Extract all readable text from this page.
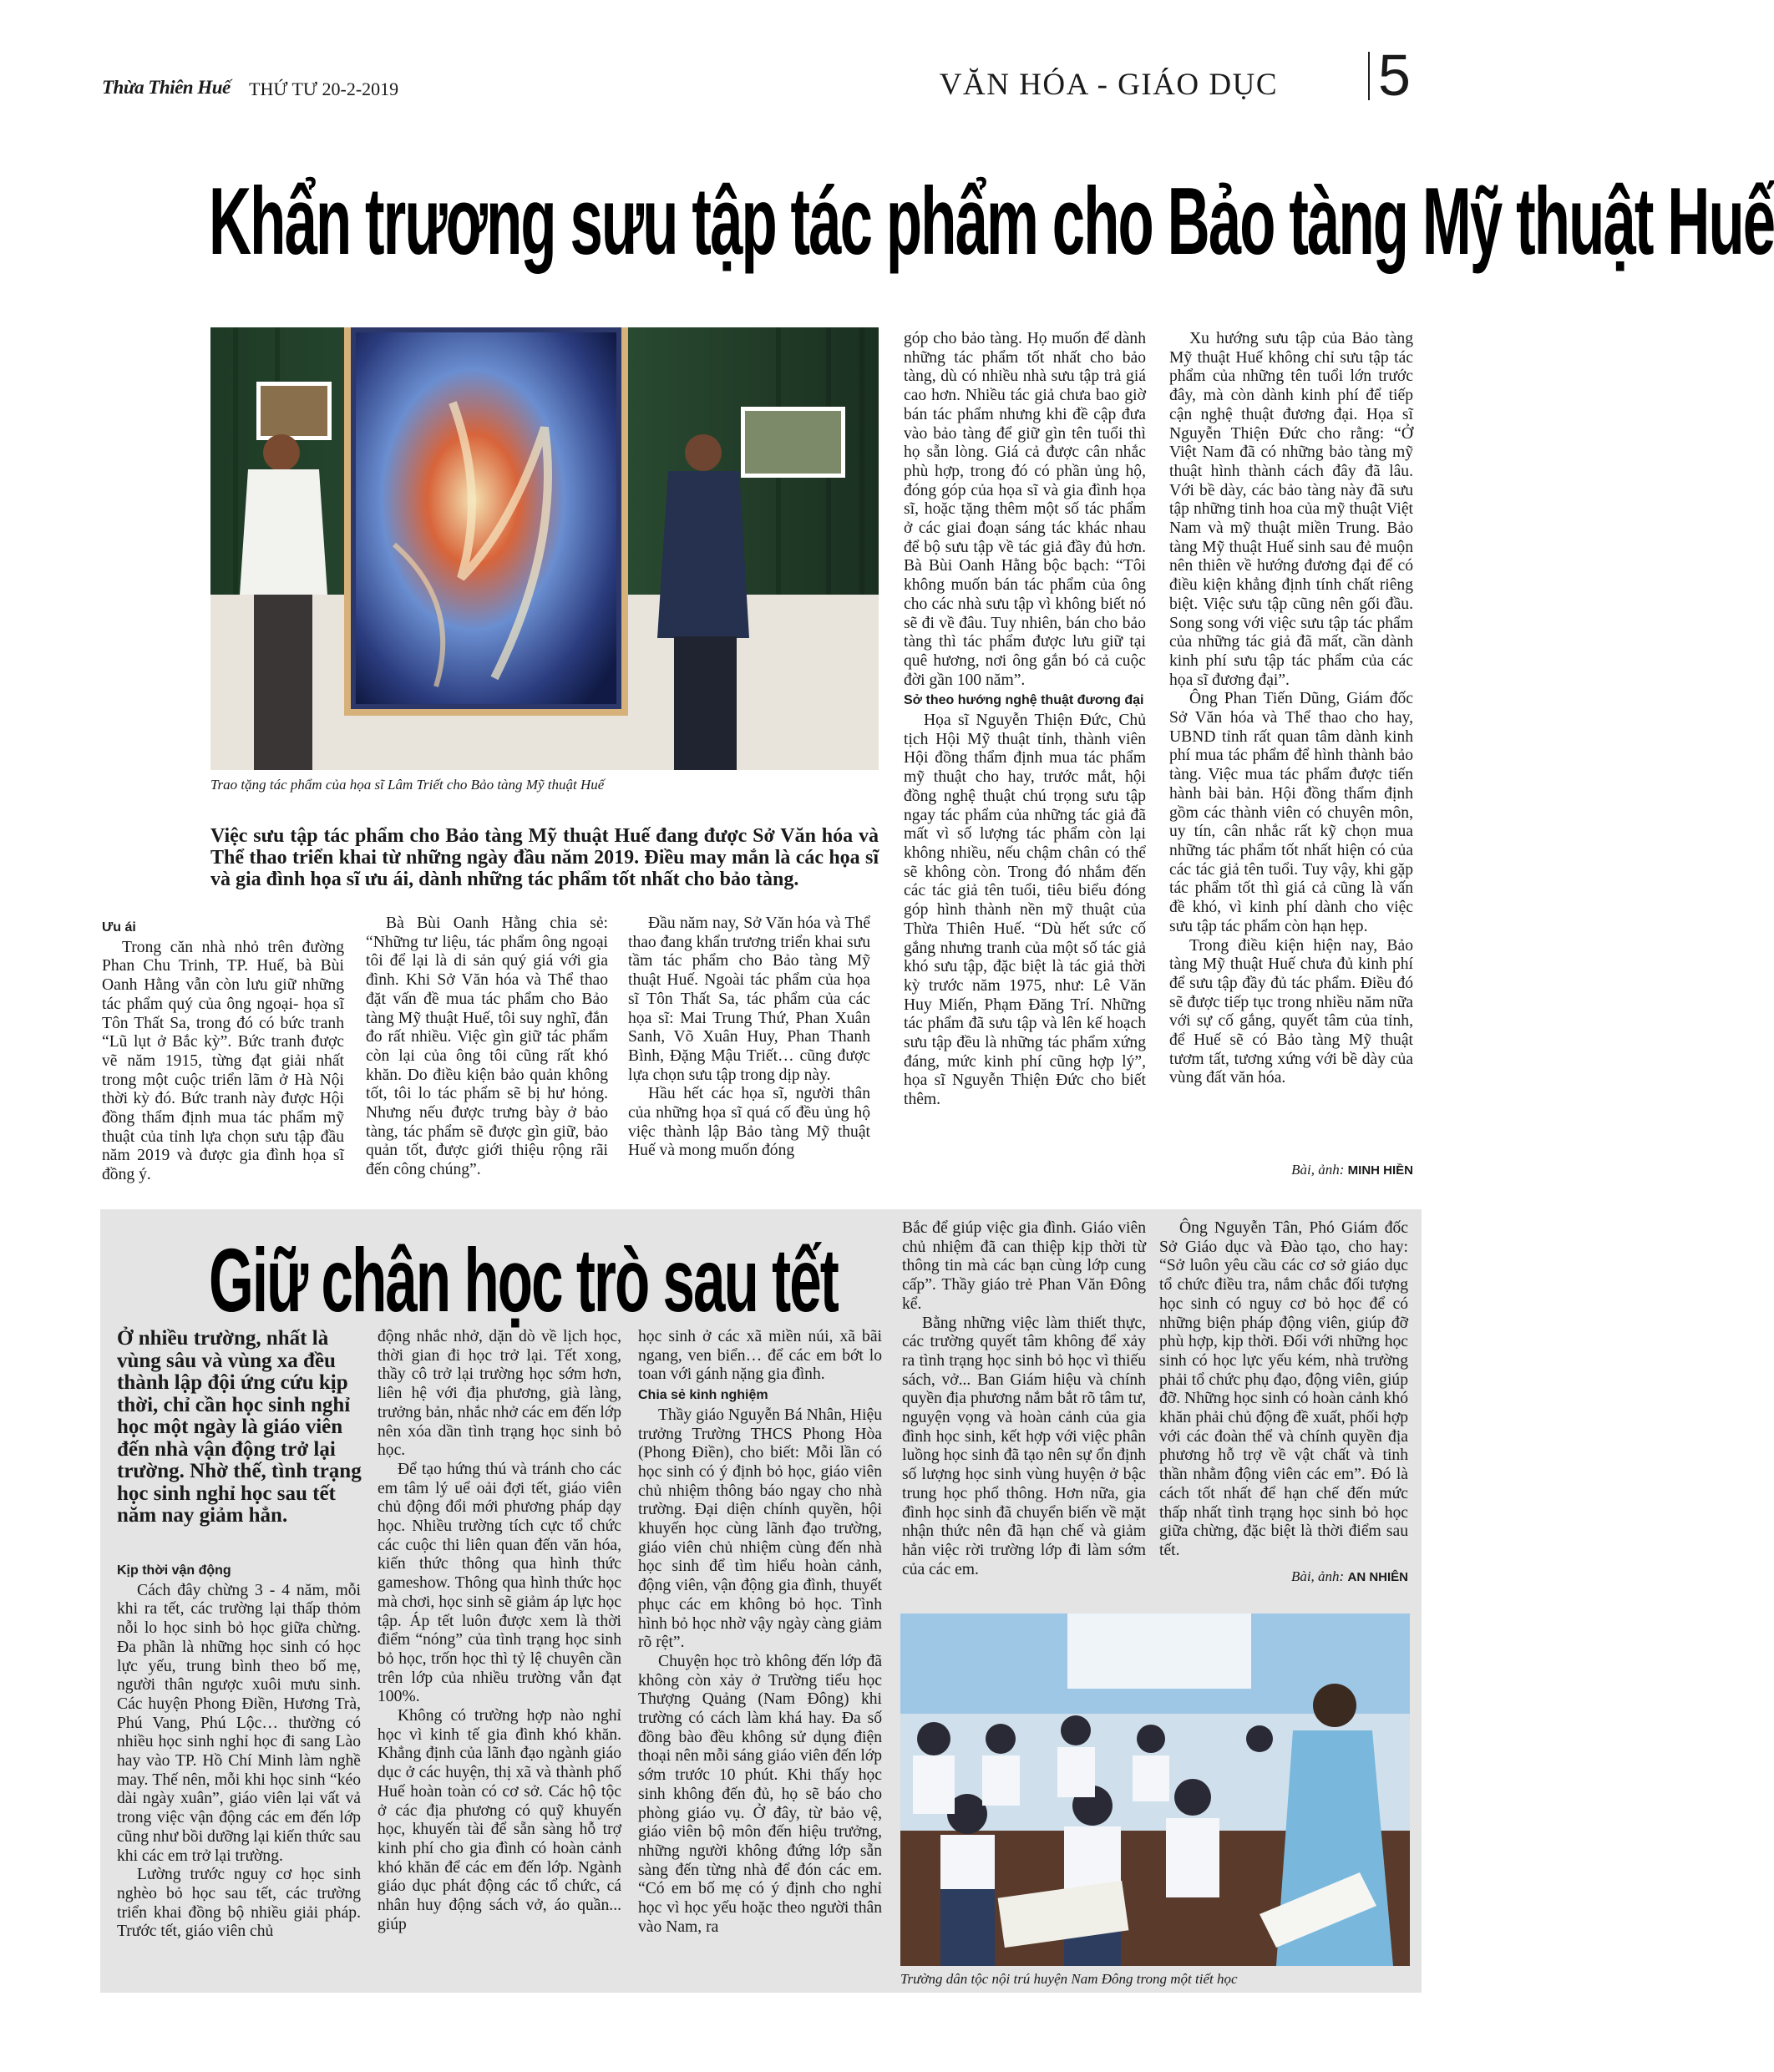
Thừa Thiên Huế THỨ TƯ 20-2-2019	VĂN HÓA - GIÁO DỤC 5
Khẩn trương sưu tập tác phẩm cho Bảo tàng Mỹ thuật Huế
Trao tặng tác phẩm của họa sĩ Lâm Triết cho Bảo tàng Mỹ thuật Huế
Việc sưu tập tác phẩm cho Bảo tàng Mỹ thuật Huế đang được Sở Văn hóa và Thể thao triển khai từ những ngày đầu năm 2019. Điều may mắn là các họa sĩ và gia đình họa sĩ ưu ái, dành những tác phẩm tốt nhất cho bảo tàng.
Ưu ái

Trong căn nhà nhỏ trên đường Phan Chu Trinh, TP. Huế, bà Bùi Oanh Hằng vẫn còn lưu giữ những tác phẩm quý của ông ngoại- họa sĩ Tôn Thất Sa, trong đó có bức tranh “Lũ lụt ở Bắc kỳ”. Bức tranh được vẽ năm 1915, từng đạt giải nhất trong một cuộc triển lãm ở Hà Nội thời kỳ đó. Bức tranh này được Hội đồng thẩm định mua tác phẩm mỹ thuật của tỉnh lựa chọn sưu tập đầu năm 2019 và được gia đình họa sĩ đồng ý.

Bà Bùi Oanh Hằng chia sẻ: “Những tư liệu, tác phẩm ông ngoại tôi để lại là di sản quý giá với gia đình. Khi Sở Văn hóa và Thể thao đặt vấn đề mua tác phẩm cho Bảo tàng Mỹ thuật Huế, tôi suy nghĩ, đắn đo rất nhiều. Việc gìn giữ tác phẩm còn lại của ông tôi cũng rất khó khăn. Do điều kiện bảo quản không tốt, tôi lo tác phẩm sẽ bị hư hỏng. Nhưng nếu được trưng bày ở bảo tàng, tác phẩm sẽ được gìn giữ, bảo quản tốt, được giới thiệu rộng rãi đến công chúng”.

Đầu năm nay, Sở Văn hóa và Thể thao đang khẩn trương triển khai sưu tầm tác phẩm cho Bảo tàng Mỹ thuật Huế. Ngoài tác phẩm của họa sĩ Tôn Thất Sa, tác phẩm của các họa sĩ: Mai Trung Thứ, Phan Xuân Sanh, Võ Xuân Huy, Phan Thanh Bình, Đặng Mậu Triết… cũng được lựa chọn sưu tập trong dịp này.

Hầu hết các họa sĩ, người thân của những họa sĩ quá cố đều ủng hộ việc thành lập Bảo tàng Mỹ thuật Huế và mong muốn đóng

góp cho bảo tàng. Họ muốn để dành những tác phẩm tốt nhất cho bảo tàng, dù có nhiều nhà sưu tập trả giá cao hơn. Nhiều tác giả chưa bao giờ bán tác phẩm nhưng khi đề cập đưa vào bảo tàng để giữ gìn tên tuổi thì họ sẵn lòng. Giá cả được cân nhắc phù hợp, trong đó có phần ủng hộ, đóng góp của họa sĩ và gia đình họa sĩ, hoặc tặng thêm một số tác phẩm ở các giai đoạn sáng tác khác nhau để bộ sưu tập về tác giả đầy đủ hơn. Bà Bùi Oanh Hằng bộc bạch: “Tôi không muốn bán tác phẩm của ông cho các nhà sưu tập vì không biết nó sẽ đi về đâu. Tuy nhiên, bán cho bảo tàng thì tác phẩm được lưu giữ tại quê hương, nơi ông gắn bó cả cuộc đời gần 100 năm”.

Sở theo hướng nghệ thuật đương đại

Họa sĩ Nguyễn Thiện Đức, Chủ tịch Hội Mỹ thuật tỉnh, thành viên Hội đồng thẩm định mua tác phẩm mỹ thuật cho hay, trước mắt, hội đồng nghệ thuật chú trọng sưu tập ngay tác phẩm của những tác giả đã mất vì số lượng tác phẩm còn lại không nhiều, nếu chậm chân có thể sẽ không còn. Trong đó nhắm đến các tác giả tên tuổi, tiêu biểu đóng góp hình thành nền mỹ thuật của Thừa Thiên Huế. “Dù hết sức cố gắng nhưng tranh của một số tác giả khó sưu tập, đặc biệt là tác giả thời kỳ trước năm 1975, như: Lê Văn Huy Miến, Phạm Đăng Trí. Những tác phẩm đã sưu tập và lên kế hoạch sưu tập đều là những tác phẩm xứng đáng, mức kinh phí cũng hợp lý”, họa sĩ Nguyễn Thiện Đức cho biết thêm.

Xu hướng sưu tập của Bảo tàng Mỹ thuật Huế không chỉ sưu tập tác phẩm của những tên tuổi lớn trước đây, mà còn dành kinh phí để tiếp cận nghệ thuật đương đại. Họa sĩ Nguyễn Thiện Đức cho rằng: “Ở Việt Nam đã có những bảo tàng mỹ thuật hình thành cách đây đã lâu. Với bề dày, các bảo tàng này đã sưu tập những tinh hoa của mỹ thuật Việt Nam và mỹ thuật miền Trung. Bảo tàng Mỹ thuật Huế sinh sau đẻ muộn nên thiên về hướng đương đại để có điều kiện khẳng định tính chất riêng biệt. Việc sưu tập cũng nên gối đầu. Song song với việc sưu tập tác phẩm của những tác giả đã mất, cần dành kinh phí sưu tập tác phẩm của các họa sĩ đương đại”.

Ông Phan Tiến Dũng, Giám đốc Sở Văn hóa và Thể thao cho hay, UBND tỉnh rất quan tâm dành kinh phí mua tác phẩm để hình thành bảo tàng. Việc mua tác phẩm được tiến hành bài bản. Hội đồng thẩm định gồm các thành viên có chuyên môn, uy tín, cân nhắc rất kỹ chọn mua những tác phẩm tốt nhất hiện có của các tác giả tên tuổi. Tuy vậy, khi gặp tác phẩm tốt thì giá cả cũng là vấn đề khó, vì kinh phí dành cho việc sưu tập tác phẩm còn hạn hẹp.

Trong điều kiện hiện nay, Bảo tàng Mỹ thuật Huế chưa đủ kinh phí để sưu tập đầy đủ tác phẩm. Điều đó sẽ được tiếp tục trong nhiều năm nữa với sự cố gắng, quyết tâm của tỉnh, để Huế sẽ có Bảo tàng Mỹ thuật tươm tất, tương xứng với bề dày của vùng đất văn hóa.

Bài, ảnh: MINH HIỀN
Giữ chân học trò sau tết
Ở nhiều trường, nhất là vùng sâu và vùng xa đều thành lập đội ứng cứu kịp thời, chỉ cần học sinh nghỉ học một ngày là giáo viên đến nhà vận động trở lại trường. Nhờ thế, tình trạng học sinh nghỉ học sau tết năm nay giảm hẳn.
Kịp thời vận động

Cách đây chừng 3 - 4 năm, mỗi khi ra tết, các trường lại thấp thỏm nỗi lo học sinh bỏ học giữa chừng. Đa phần là những học sinh có học lực yếu, trung bình theo bố mẹ, người thân ngược xuôi mưu sinh. Các huyện Phong Điền, Hương Trà, Phú Vang, Phú Lộc… thường có nhiều học sinh nghỉ học đi sang Lào hay vào TP. Hồ Chí Minh làm nghề may. Thế nên, mỗi khi học sinh “kéo dài ngày xuân”, giáo viên lại vất vả trong việc vận động các em đến lớp cũng như bồi dưỡng lại kiến thức sau khi các em trở lại trường.

Lường trước nguy cơ học sinh nghèo bỏ học sau tết, các trường triển khai đồng bộ nhiều giải pháp. Trước tết, giáo viên chủ

động nhắc nhở, dặn dò về lịch học, thời gian đi học trở lại. Tết xong, thầy cô trở lại trường học sớm hơn, liên hệ với địa phương, già làng, trưởng bản, nhắc nhở các em đến lớp nên xóa dần tình trạng học sinh bỏ học.

Để tạo hứng thú và tránh cho các em tâm lý uể oải đợi tết, giáo viên chủ động đổi mới phương pháp dạy học. Nhiều trường tích cực tổ chức các cuộc thi liên quan đến văn hóa, kiến thức thông qua hình thức gameshow. Thông qua hình thức học mà chơi, học sinh sẽ giảm áp lực học tập. Áp tết luôn được xem là thời điểm “nóng” của tình trạng học sinh bỏ học, trốn học thì tỷ lệ chuyên cần trên lớp của nhiều trường vẫn đạt 100%.

Không có trường hợp nào nghỉ học vì kinh tế gia đình khó khăn. Khẳng định của lãnh đạo ngành giáo dục ở các huyện, thị xã và thành phố Huế hoàn toàn có cơ sở. Các hộ tộc ở các địa phương có quỹ khuyến học, khuyến tài để sẵn sàng hỗ trợ kinh phí cho gia đình có hoàn cảnh khó khăn để các em đến lớp. Ngành giáo dục phát động các tổ chức, cá nhân huy động sách vở, áo quần... giúp

học sinh ở các xã miền núi, xã bãi ngang, ven biển… để các em bớt lo toan với gánh nặng gia đình.

Chia sẻ kinh nghiệm

Thầy giáo Nguyễn Bá Nhân, Hiệu trưởng Trường THCS Phong Hòa (Phong Điền), cho biết: Mỗi lần có học sinh có ý định bỏ học, giáo viên chủ nhiệm thông báo ngay cho nhà trường. Đại diện chính quyền, hội khuyến học cùng lãnh đạo trường, giáo viên chủ nhiệm cùng đến nhà học sinh để tìm hiểu hoàn cảnh, động viên, vận động gia đình, thuyết phục các em không bỏ học. Tình hình bỏ học nhờ vậy ngày càng giảm rõ rệt”.

Chuyện học trò không đến lớp đã không còn xảy ở Trường tiểu học Thượng Quảng (Nam Đông) khi trường có cách làm khá hay. Đa số đồng bào đều không sử dụng điện thoại nên mỗi sáng giáo viên đến lớp sớm trước 10 phút. Khi thấy học sinh không đến đủ, họ sẽ báo cho phòng giáo vụ. Ở đây, từ bảo vệ, giáo viên bộ môn đến hiệu trưởng, những người không đứng lớp sẵn sàng đến từng nhà để đón các em. “Có em bố mẹ có ý định cho nghỉ học vì học yếu hoặc theo người thân vào Nam, ra

Bắc để giúp việc gia đình. Giáo viên chủ nhiệm đã can thiệp kịp thời từ thông tin mà các bạn cùng lớp cung cấp”. Thầy giáo trẻ Phan Văn Đông kể.

Bằng những việc làm thiết thực, các trường quyết tâm không để xảy ra tình trạng học sinh bỏ học vì thiếu sách, vở... Ban Giám hiệu và chính quyền địa phương nắm bắt rõ tâm tư, nguyện vọng và hoàn cảnh của gia đình học sinh, kết hợp với việc phân luồng học sinh đã tạo nên sự ổn định số lượng học sinh vùng huyện ở bậc trung học phổ thông. Hơn nữa, gia đình học sinh đã chuyển biến về mặt nhận thức nên đã hạn chế và giảm hẳn việc rời trường lớp đi làm sớm của các em.

Ông Nguyễn Tân, Phó Giám đốc Sở Giáo dục và Đào tạo, cho hay: “Sở luôn yêu cầu các cơ sở giáo dục tổ chức điều tra, nắm chắc đối tượng học sinh có nguy cơ bỏ học để có những biện pháp động viên, giúp đỡ phù hợp, kịp thời. Đối với những học sinh có học lực yếu kém, nhà trường phải tổ chức phụ đạo, động viên, giúp đỡ. Những học sinh có hoàn cảnh khó khăn phải chủ động đề xuất, phối hợp với các đoàn thể và chính quyền địa phương hỗ trợ về vật chất và tinh thần nhằm động viên các em”. Đó là cách tốt nhất để hạn chế đến mức thấp nhất tình trạng học sinh bỏ học giữa chừng, đặc biệt là thời điểm sau tết.

Bài, ảnh: AN NHIÊN
Trường dân tộc nội trú huyện Nam Đông trong một tiết học
